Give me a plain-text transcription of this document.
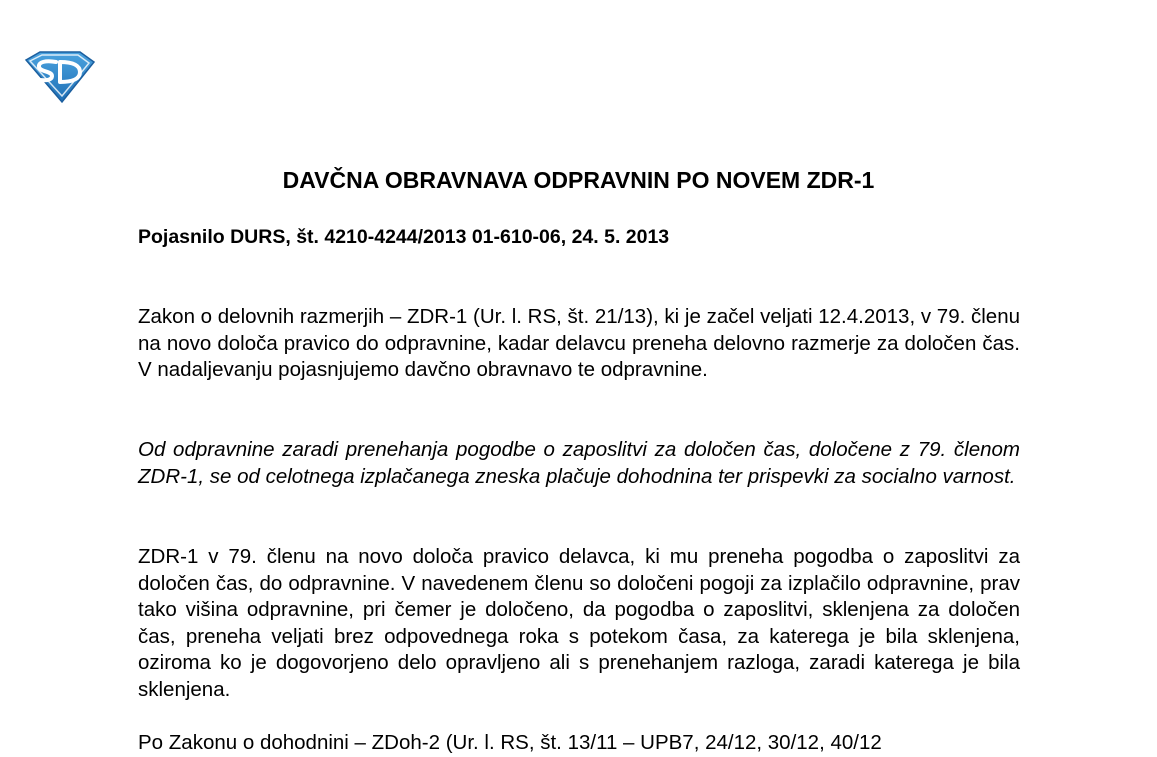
DAVČNA OBRAVNAVA ODPRAVNIN PO NOVEM ZDR-1

Pojasnilo DURS, št. 4210-4244/2013 01-610-06, 24. 5. 2013

Zakon o delovnih razmerjih – ZDR-1 (Ur. l. RS, št. 21/13), ki je začel veljati 12.4.2013, v 79. členu na novo določa pravico do odpravnine, kadar delavcu preneha delovno razmerje za določen čas. V nadaljevanju pojasnjujemo davčno obravnavo te odpravnine.

Od odpravnine zaradi prenehanja pogodbe o zaposlitvi za določen čas, določene z 79. členom ZDR-1, se od celotnega izplačanega zneska plačuje dohodnina ter prispevki za socialno varnost.

ZDR-1 v 79. členu na novo določa pravico delavca, ki mu preneha pogodba o zaposlitvi za določen čas, do odpravnine. V navedenem členu so določeni pogoji za izplačilo odpravnine, prav tako višina odpravnine, pri čemer je določeno, da pogodba o zaposlitvi, sklenjena za določen čas, preneha veljati brez odpovednega roka s potekom časa, za katerega je bila sklenjena, oziroma ko je dogovorjeno delo opravljeno ali s prenehanjem razloga, zaradi katerega je bila sklenjena.

Po Zakonu o dohodnini – ZDoh-2 (Ur. l. RS, št. 13/11 – UPB7, 24/12, 30/12, 40/12
